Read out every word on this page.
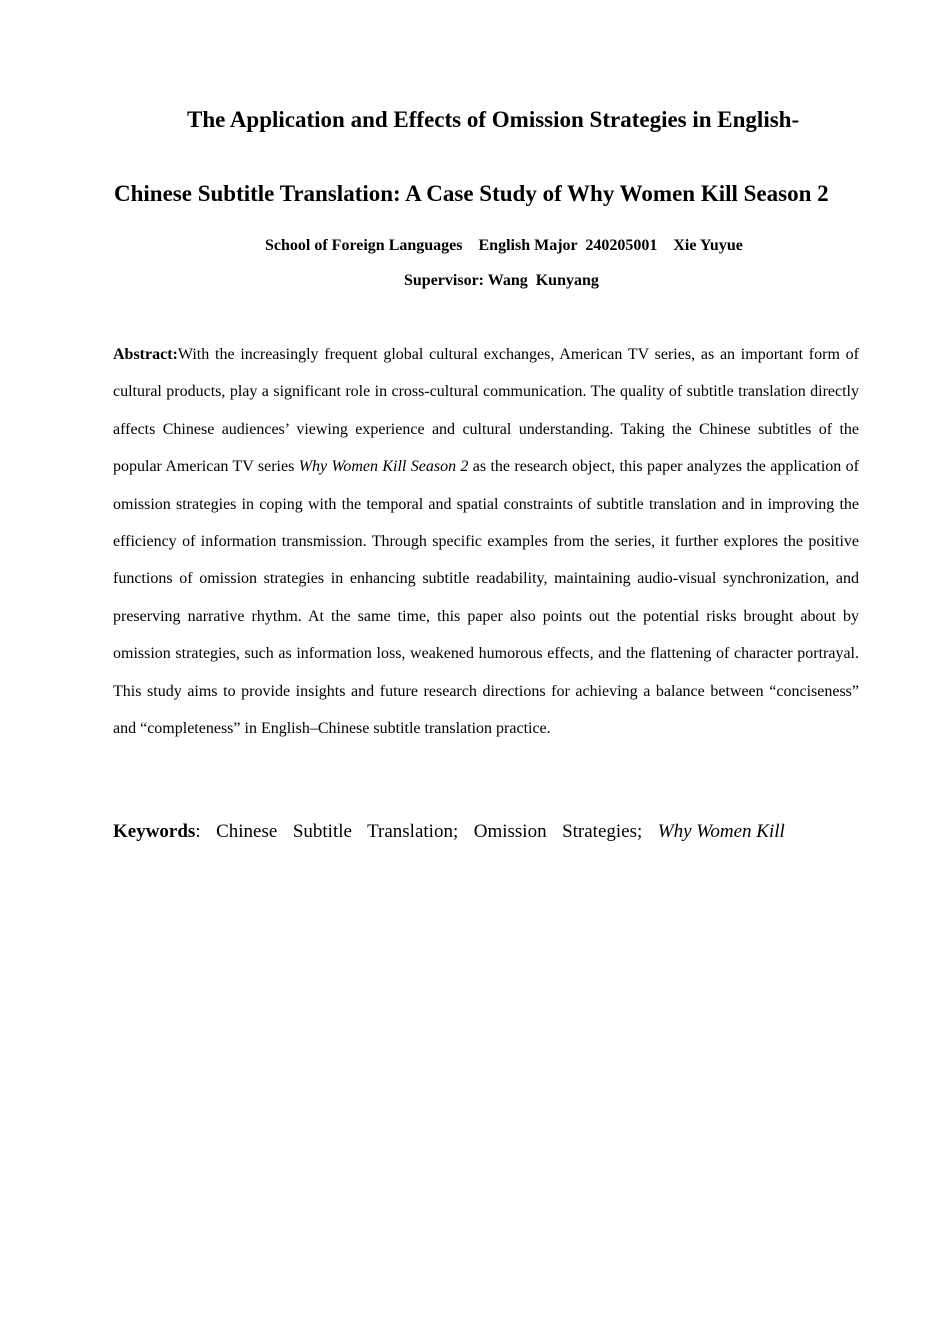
The Application and Effects of Omission Strategies in English-
Chinese Subtitle Translation: A Case Study of Why Women Kill Season 2
School of Foreign Languages    English Major  240205001    Xie Yuyue
Supervisor: Wang  Kunyang

Abstract:With the increasingly frequent global cultural exchanges, American TV series, as an important form of cultural products, play a significant role in cross-cultural communication. The quality of subtitle translation directly affects Chinese audiences’ viewing experience and cultural understanding. Taking the Chinese subtitles of the popular American TV series Why Women Kill Season 2 as the research object, this paper analyzes the application of omission strategies in coping with the temporal and spatial constraints of subtitle translation and in improving the efficiency of information transmission. Through specific examples from the series, it further explores the positive functions of omission strategies in enhancing subtitle readability, maintaining audio-visual synchronization, and preserving narrative rhythm. At the same time, this paper also points out the potential risks brought about by omission strategies, such as information loss, weakened humorous effects, and the flattening of character portrayal. This study aims to provide insights and future research directions for achieving a balance between “conciseness” and “completeness” in English–Chinese subtitle translation practice.

Keywords:  Chinese  Subtitle  Translation;  Omission  Strategies;  Why Women Kill
